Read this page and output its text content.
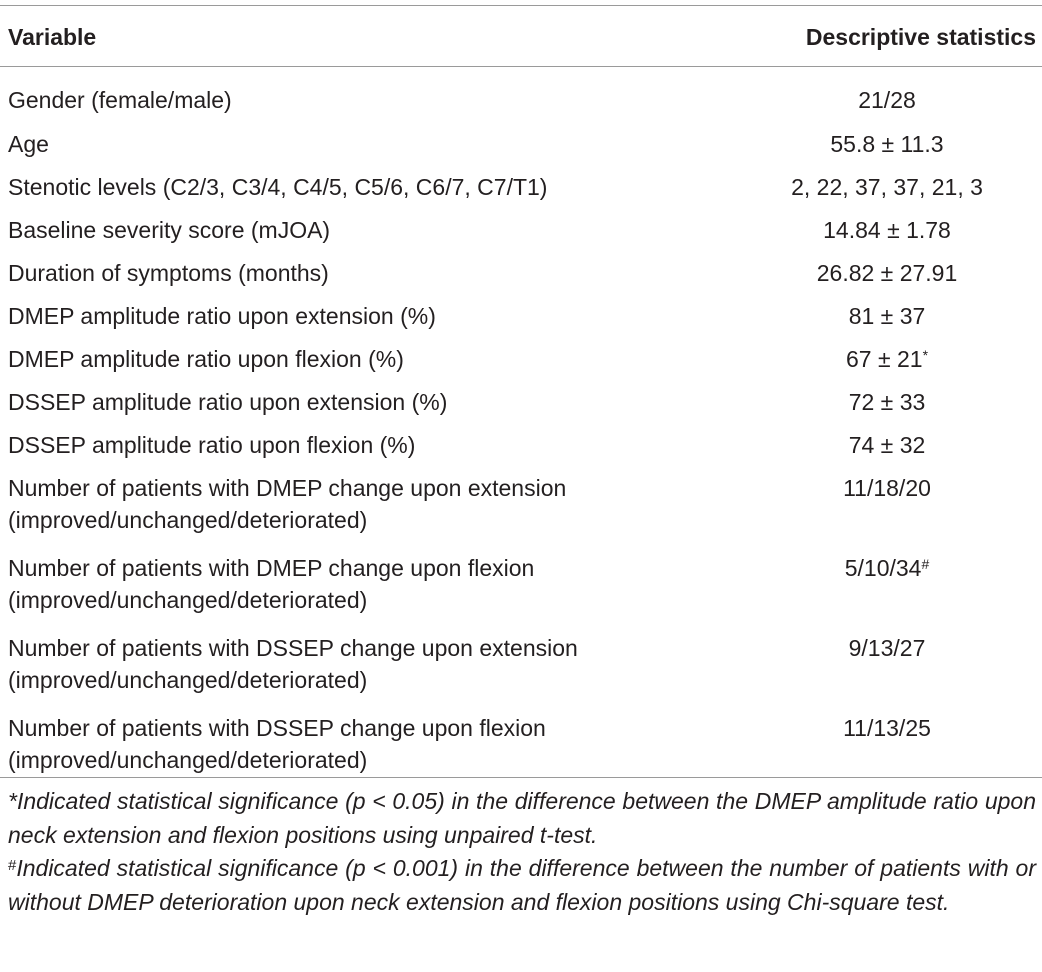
Variable	Descriptive statistics
Gender (female/male)	21/28
Age	55.8 ± 11.3
Stenotic levels (C2/3, C3/4, C4/5, C5/6, C6/7, C7/T1)	2, 22, 37, 37, 21, 3
Baseline severity score (mJOA)	14.84 ± 1.78
Duration of symptoms (months)	26.82 ± 27.91
DMEP amplitude ratio upon extension (%)	81 ± 37
DMEP amplitude ratio upon flexion (%)	67 ± 21*
DSSEP amplitude ratio upon extension (%)	72 ± 33
DSSEP amplitude ratio upon flexion (%)	74 ± 32
Number of patients with DMEP change upon extension
(improved/unchanged/deteriorated)	11/18/20
Number of patients with DMEP change upon flexion
(improved/unchanged/deteriorated)	5/10/34#
Number of patients with DSSEP change upon extension
(improved/unchanged/deteriorated)	9/13/27
Number of patients with DSSEP change upon flexion
(improved/unchanged/deteriorated)	11/13/25

*Indicated statistical significance (p < 0.05) in the difference between the DMEP amplitude ratio upon neck extension and flexion positions using unpaired t-test.

#Indicated statistical significance (p < 0.001) in the difference between the number of patients with or without DMEP deterioration upon neck extension and flexion positions using Chi-square test.
